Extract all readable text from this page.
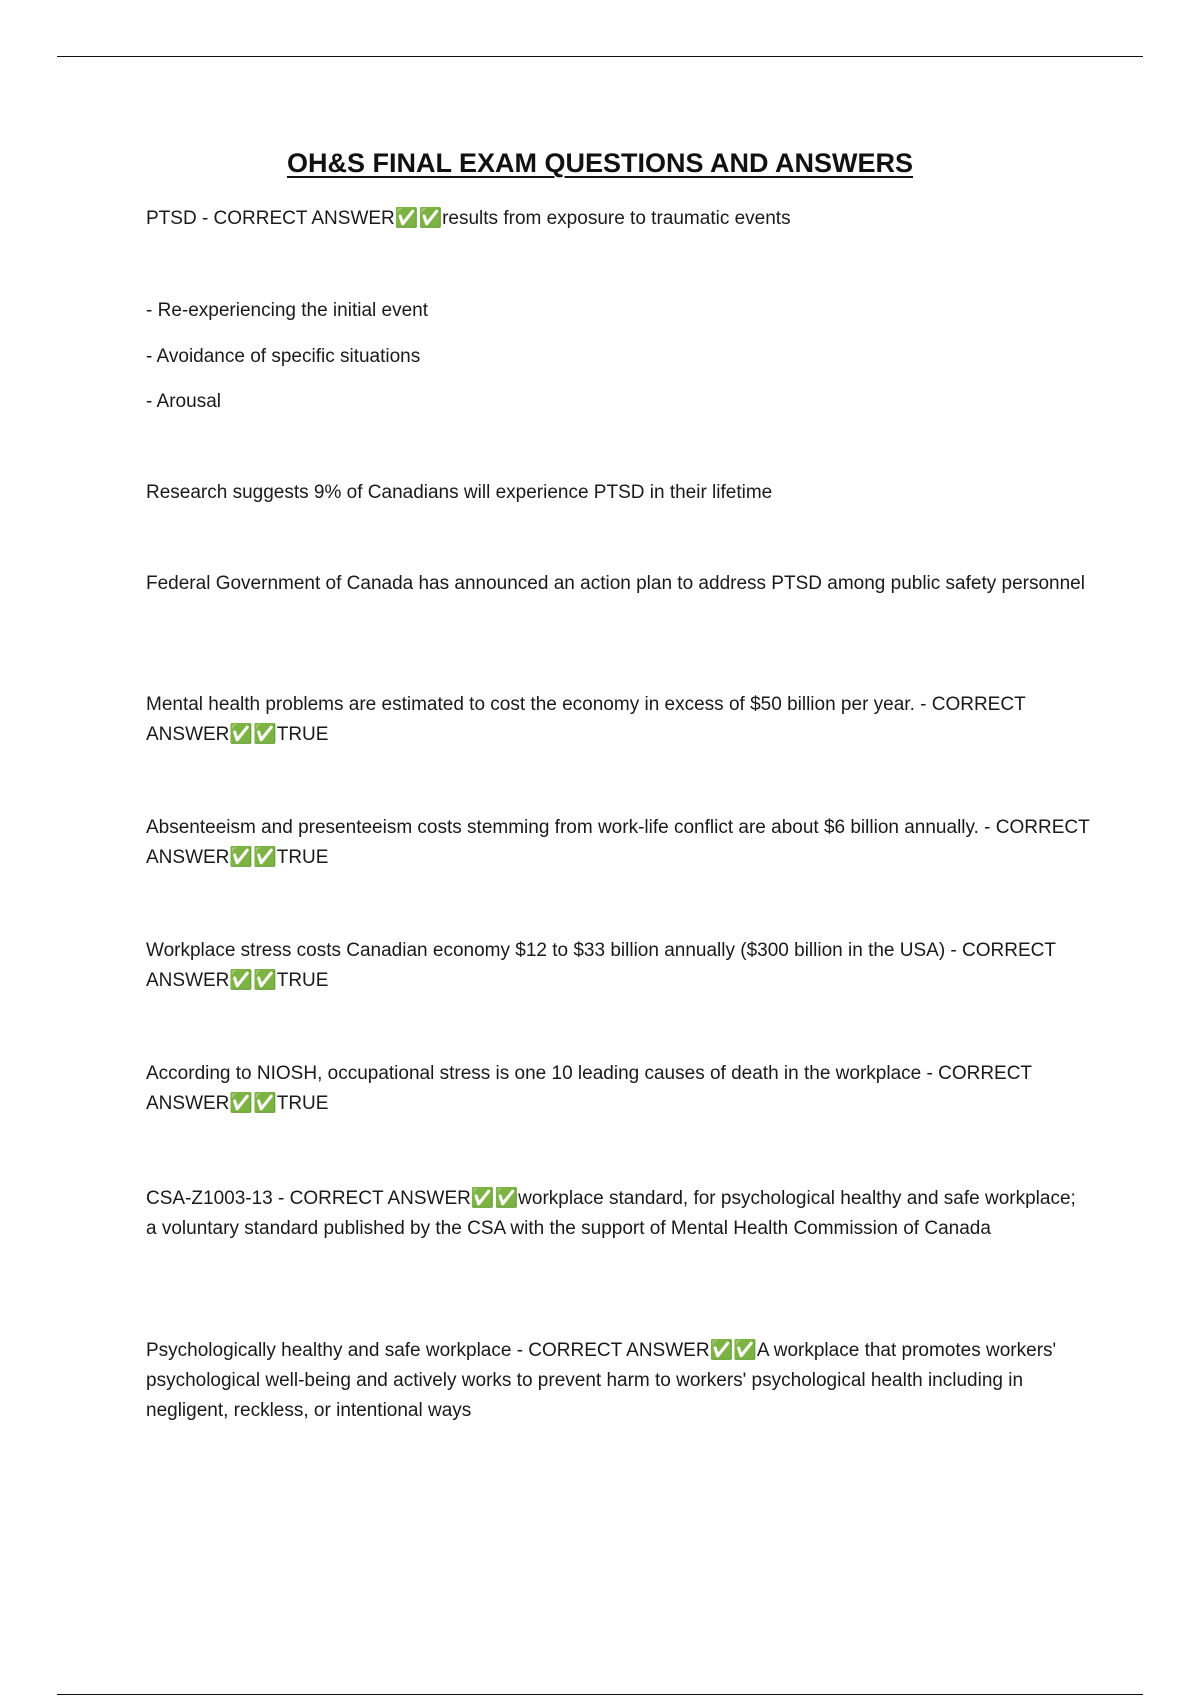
OH&S FINAL EXAM QUESTIONS AND ANSWERS

PTSD - CORRECT ANSWER✅✅results from exposure to traumatic events

- Re-experiencing the initial event

- Avoidance of specific situations

- Arousal

Research suggests 9% of Canadians will experience PTSD in their lifetime

Federal Government of Canada has announced an action plan to address PTSD among public safety personnel

Mental health problems are estimated to cost the economy in excess of $50 billion per year. - CORRECT ANSWER✅✅TRUE

Absenteeism and presenteeism costs stemming from work-life conflict are about $6 billion annually. - CORRECT ANSWER✅✅TRUE

Workplace stress costs Canadian economy $12 to $33 billion annually ($300 billion in the USA) - CORRECT ANSWER✅✅TRUE

According to NIOSH, occupational stress is one 10 leading causes of death in the workplace - CORRECT ANSWER✅✅TRUE

CSA-Z1003-13 - CORRECT ANSWER✅✅workplace standard, for psychological healthy and safe workplace; a voluntary standard published by the CSA with the support of Mental Health Commission of Canada

Psychologically healthy and safe workplace - CORRECT ANSWER✅✅A workplace that promotes workers' psychological well-being and actively works to prevent harm to workers' psychological health including in negligent, reckless, or intentional ways
